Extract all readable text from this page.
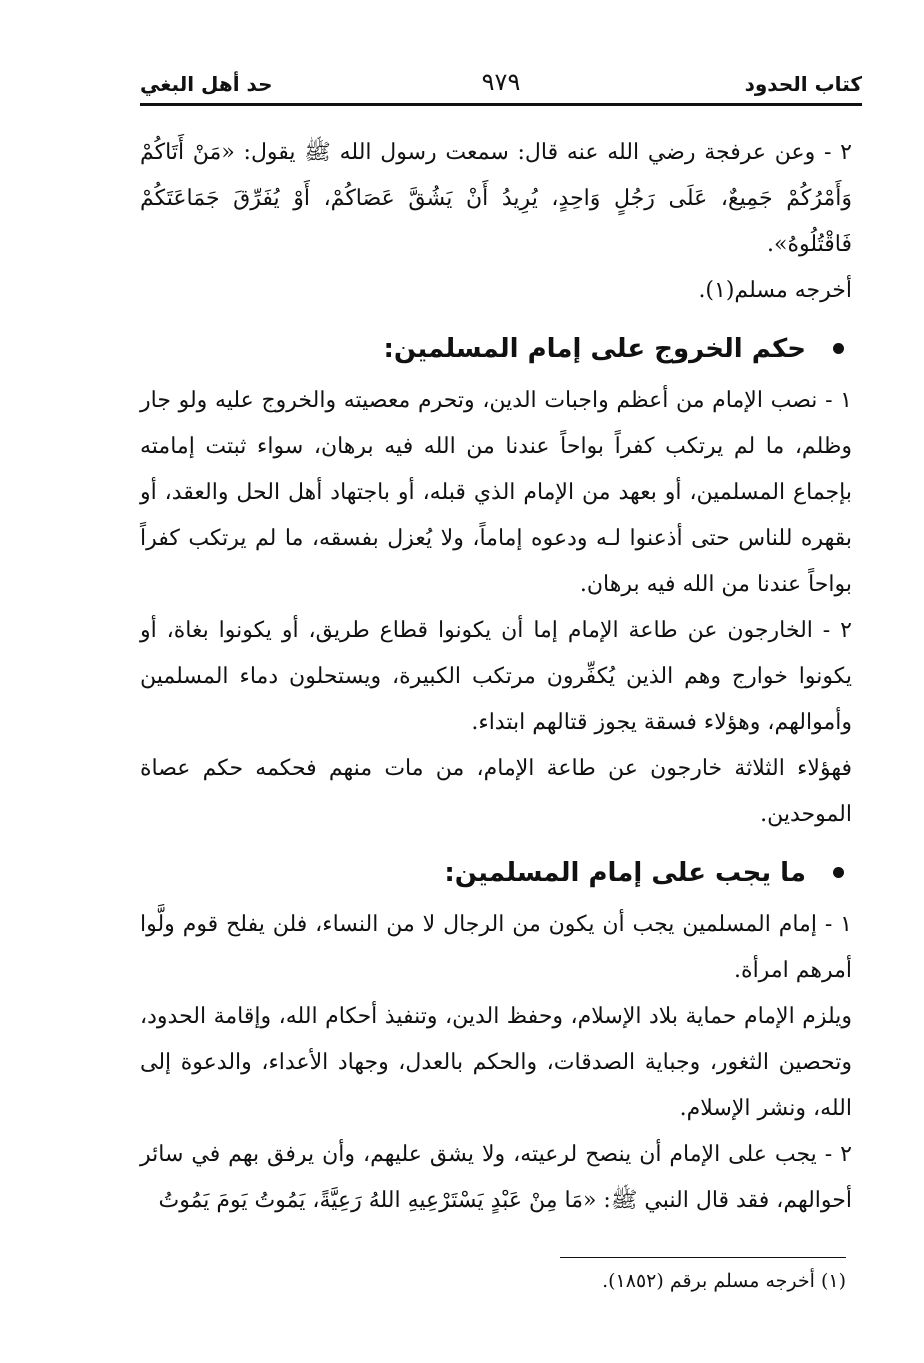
كتاب الحدود
٩٧٩
حد أهل البغي

٢ - وعن عرفجة رضي الله عنه قال: سمعت رسول الله ﷺ يقول: «مَنْ أَتَاكُمْ وَأَمْرُكُمْ جَمِيعٌ، عَلَى رَجُلٍ وَاحِدٍ، يُرِيدُ أَنْ يَشُقَّ عَصَاكُمْ، أَوْ يُفَرِّقَ جَمَاعَتَكُمْ فَاقْتُلُوهُ».

أخرجه مسلم(١).

حكم الخروج على إمام المسلمين:

١ - نصب الإمام من أعظم واجبات الدين، وتحرم معصيته والخروج عليه ولو جار وظلم، ما لم يرتكب كفراً بواحاً عندنا من الله فيه برهان، سواء ثبتت إمامته بإجماع المسلمين، أو بعهد من الإمام الذي قبله، أو باجتهاد أهل الحل والعقد، أو بقهره للناس حتى أذعنوا لـه ودعوه إماماً، ولا يُعزل بفسقه، ما لم يرتكب كفراً بواحاً عندنا من الله فيه برهان.

٢ - الخارجون عن طاعة الإمام إما أن يكونوا قطاع طريق، أو يكونوا بغاة، أو يكونوا خوارج وهم الذين يُكفِّرون مرتكب الكبيرة، ويستحلون دماء المسلمين وأموالهم، وهؤلاء فسقة يجوز قتالهم ابتداء.

فهؤلاء الثلاثة خارجون عن طاعة الإمام، من مات منهم فحكمه حكم عصاة الموحدين.

ما يجب على إمام المسلمين:

١ - إمام المسلمين يجب أن يكون من الرجال لا من النساء، فلن يفلح قوم ولَّوا أمرهم امرأة.

ويلزم الإمام حماية بلاد الإسلام، وحفظ الدين، وتنفيذ أحكام الله، وإقامة الحدود، وتحصين الثغور، وجباية الصدقات، والحكم بالعدل، وجهاد الأعداء، والدعوة إلى الله، ونشر الإسلام.

٢ - يجب على الإمام أن ينصح لرعيته، ولا يشق عليهم، وأن يرفق بهم في سائر أحوالهم، فقد قال النبي ﷺ: «مَا مِنْ عَبْدٍ يَسْتَرْعِيهِ اللهُ رَعِيَّةً، يَمُوتُ يَومَ يَمُوتُ

(١) أخرجه مسلم برقم (١٨٥٢).
